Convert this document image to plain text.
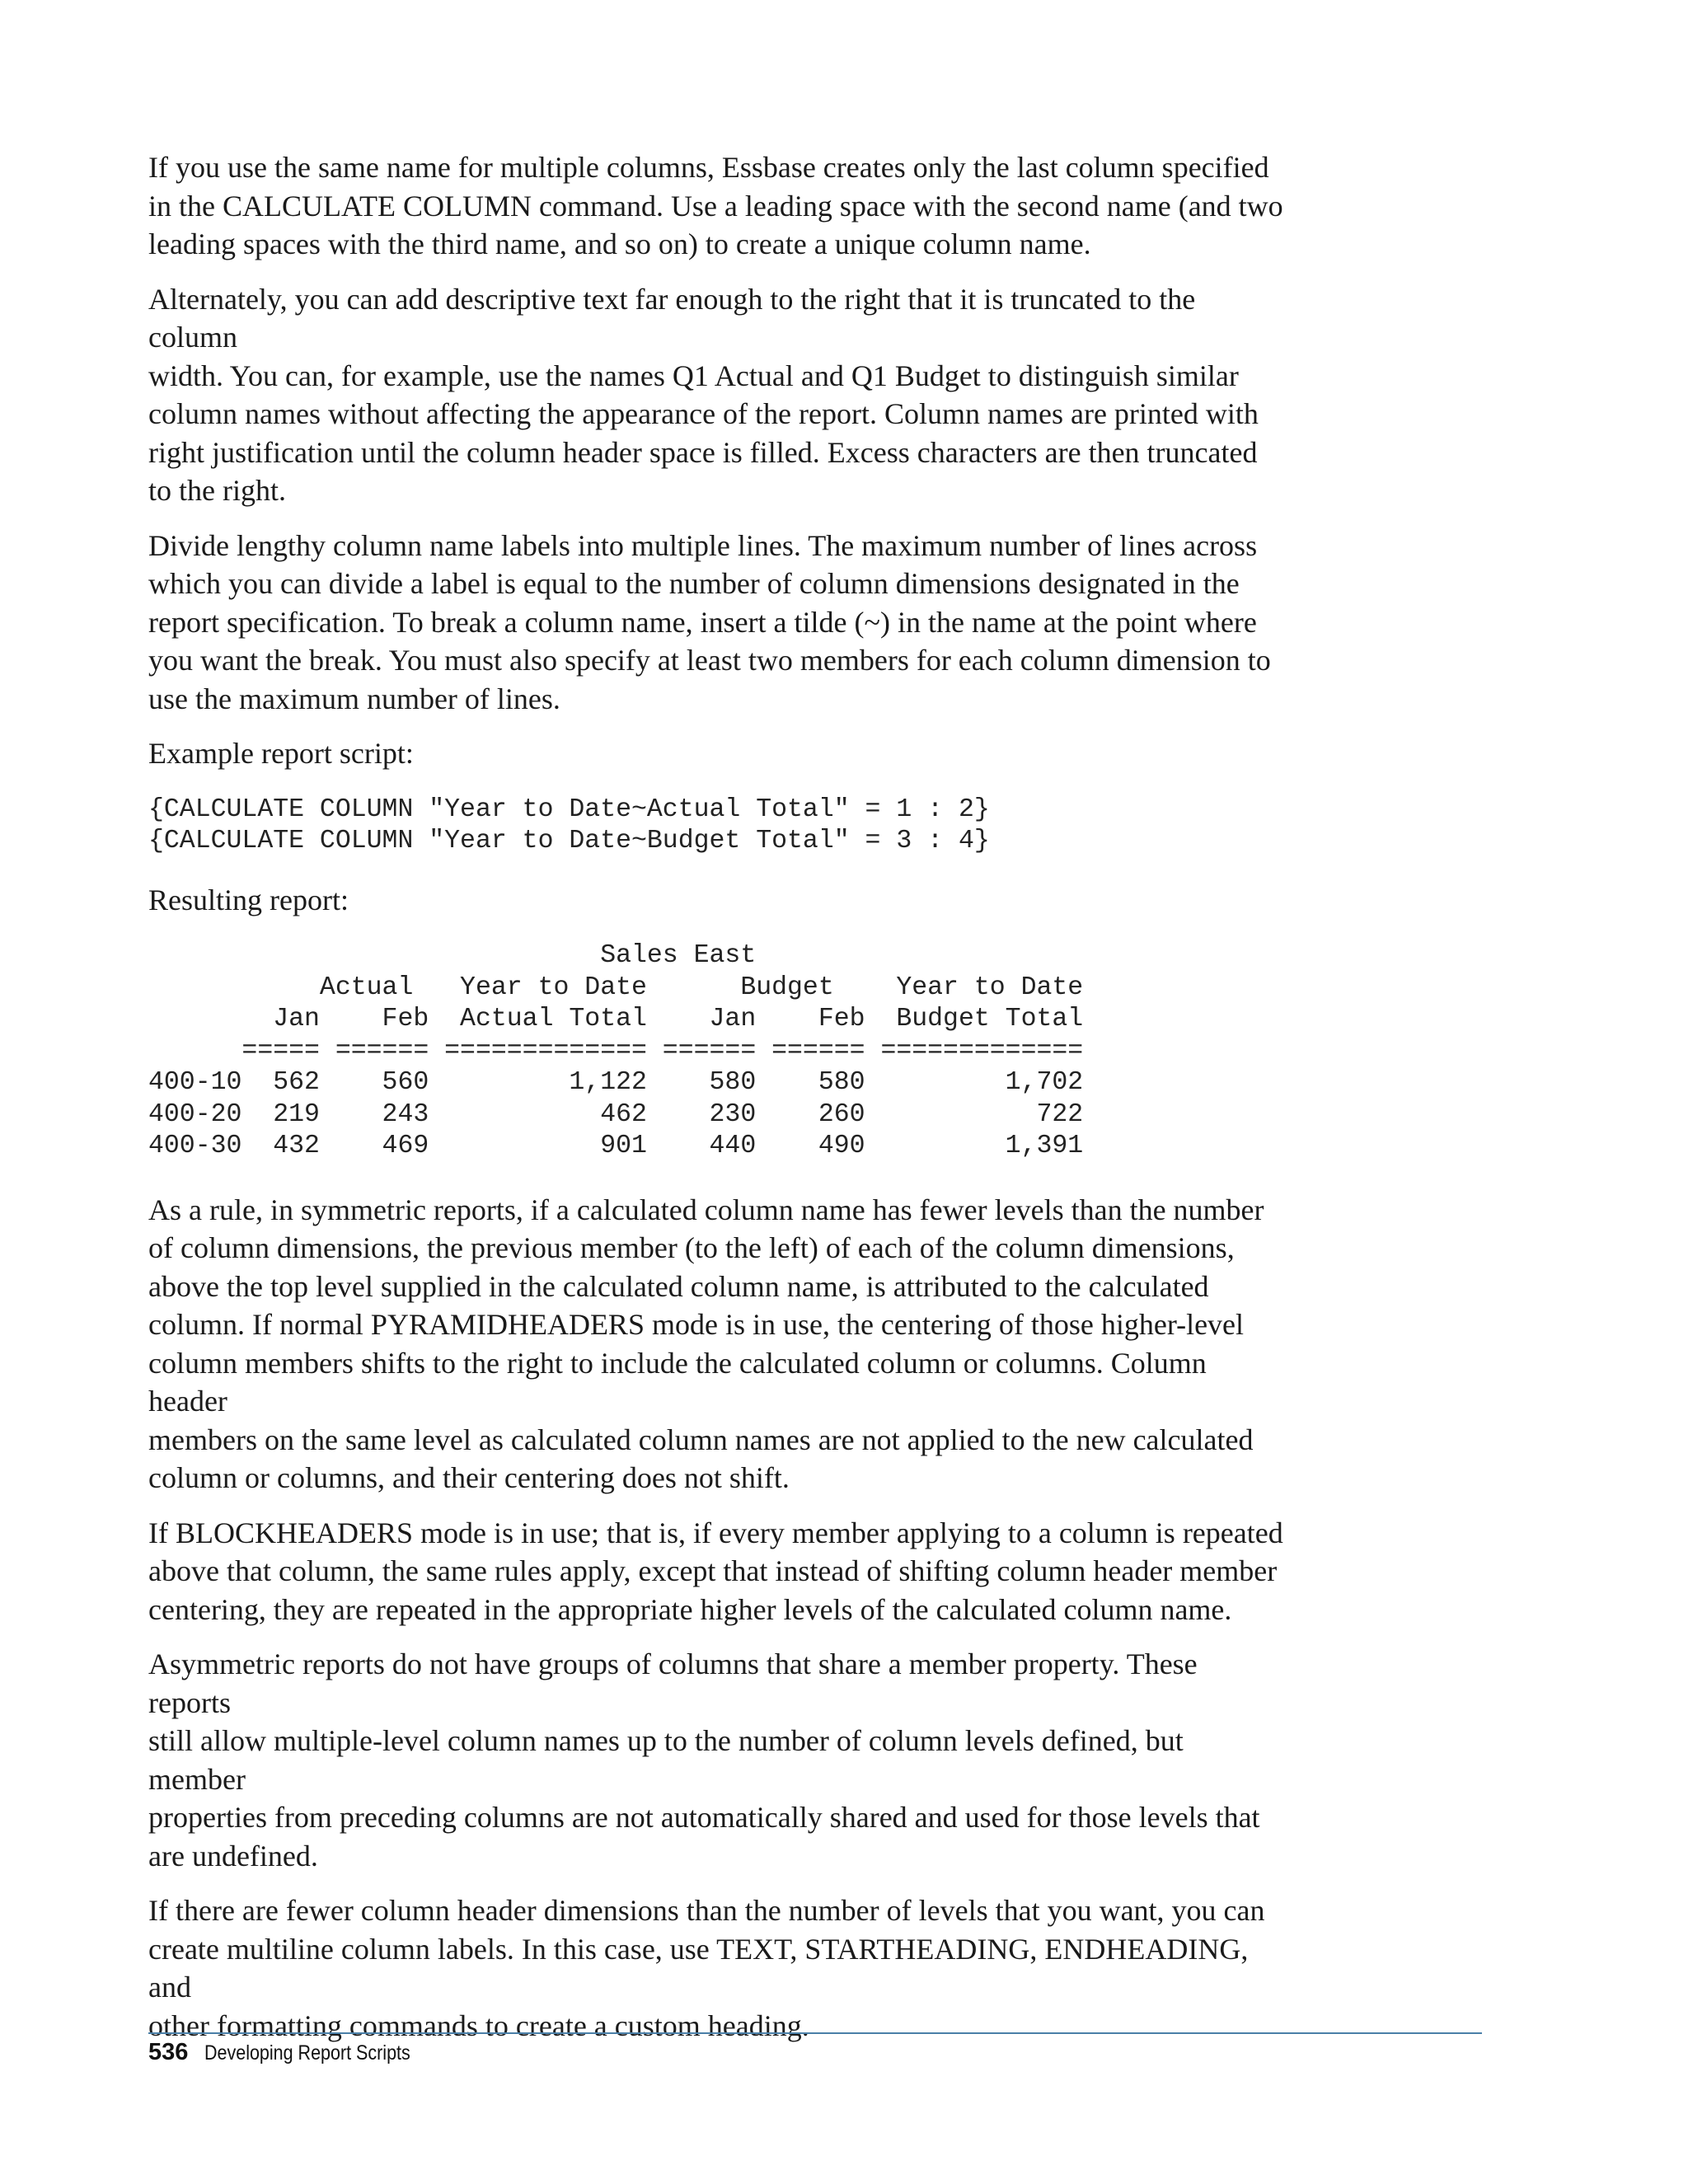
If you use the same name for multiple columns, Essbase creates only the last column specified
in the CALCULATE COLUMN command. Use a leading space with the second name (and two
leading spaces with the third name, and so on) to create a unique column name.

Alternately, you can add descriptive text far enough to the right that it is truncated to the column
width. You can, for example, use the names Q1 Actual and Q1 Budget to distinguish similar
column names without affecting the appearance of the report. Column names are printed with
right justification until the column header space is filled. Excess characters are then truncated
to the right.

Divide lengthy column name labels into multiple lines. The maximum number of lines across
which you can divide a label is equal to the number of column dimensions designated in the
report specification. To break a column name, insert a tilde (~) in the name at the point where
you want the break. You must also specify at least two members for each column dimension to
use the maximum number of lines.

Example report script:

{CALCULATE COLUMN "Year to Date~Actual Total" = 1 : 2}
{CALCULATE COLUMN "Year to Date~Budget Total" = 3 : 4}

Resulting report:

Sales East
Actual   Year to Date      Budget    Year to Date
Jan    Feb  Actual Total    Jan    Feb  Budget Total
===== ====== ============= ====== ====== =============
400-10  562    560         1,122    580    580         1,702
400-20  219    243           462    230    260           722
400-30  432    469           901    440    490         1,391

As a rule, in symmetric reports, if a calculated column name has fewer levels than the number
of column dimensions, the previous member (to the left) of each of the column dimensions,
above the top level supplied in the calculated column name, is attributed to the calculated
column. If normal PYRAMIDHEADERS mode is in use, the centering of those higher-level
column members shifts to the right to include the calculated column or columns. Column header
members on the same level as calculated column names are not applied to the new calculated
column or columns, and their centering does not shift.

If BLOCKHEADERS mode is in use; that is, if every member applying to a column is repeated
above that column, the same rules apply, except that instead of shifting column header member
centering, they are repeated in the appropriate higher levels of the calculated column name.

Asymmetric reports do not have groups of columns that share a member property. These reports
still allow multiple-level column names up to the number of column levels defined, but member
properties from preceding columns are not automatically shared and used for those levels that
are undefined.

If there are fewer column header dimensions than the number of levels that you want, you can
create multiline column labels. In this case, use TEXT, STARTHEADING, ENDHEADING, and
other formatting commands to create a custom heading.

536 Developing Report Scripts
